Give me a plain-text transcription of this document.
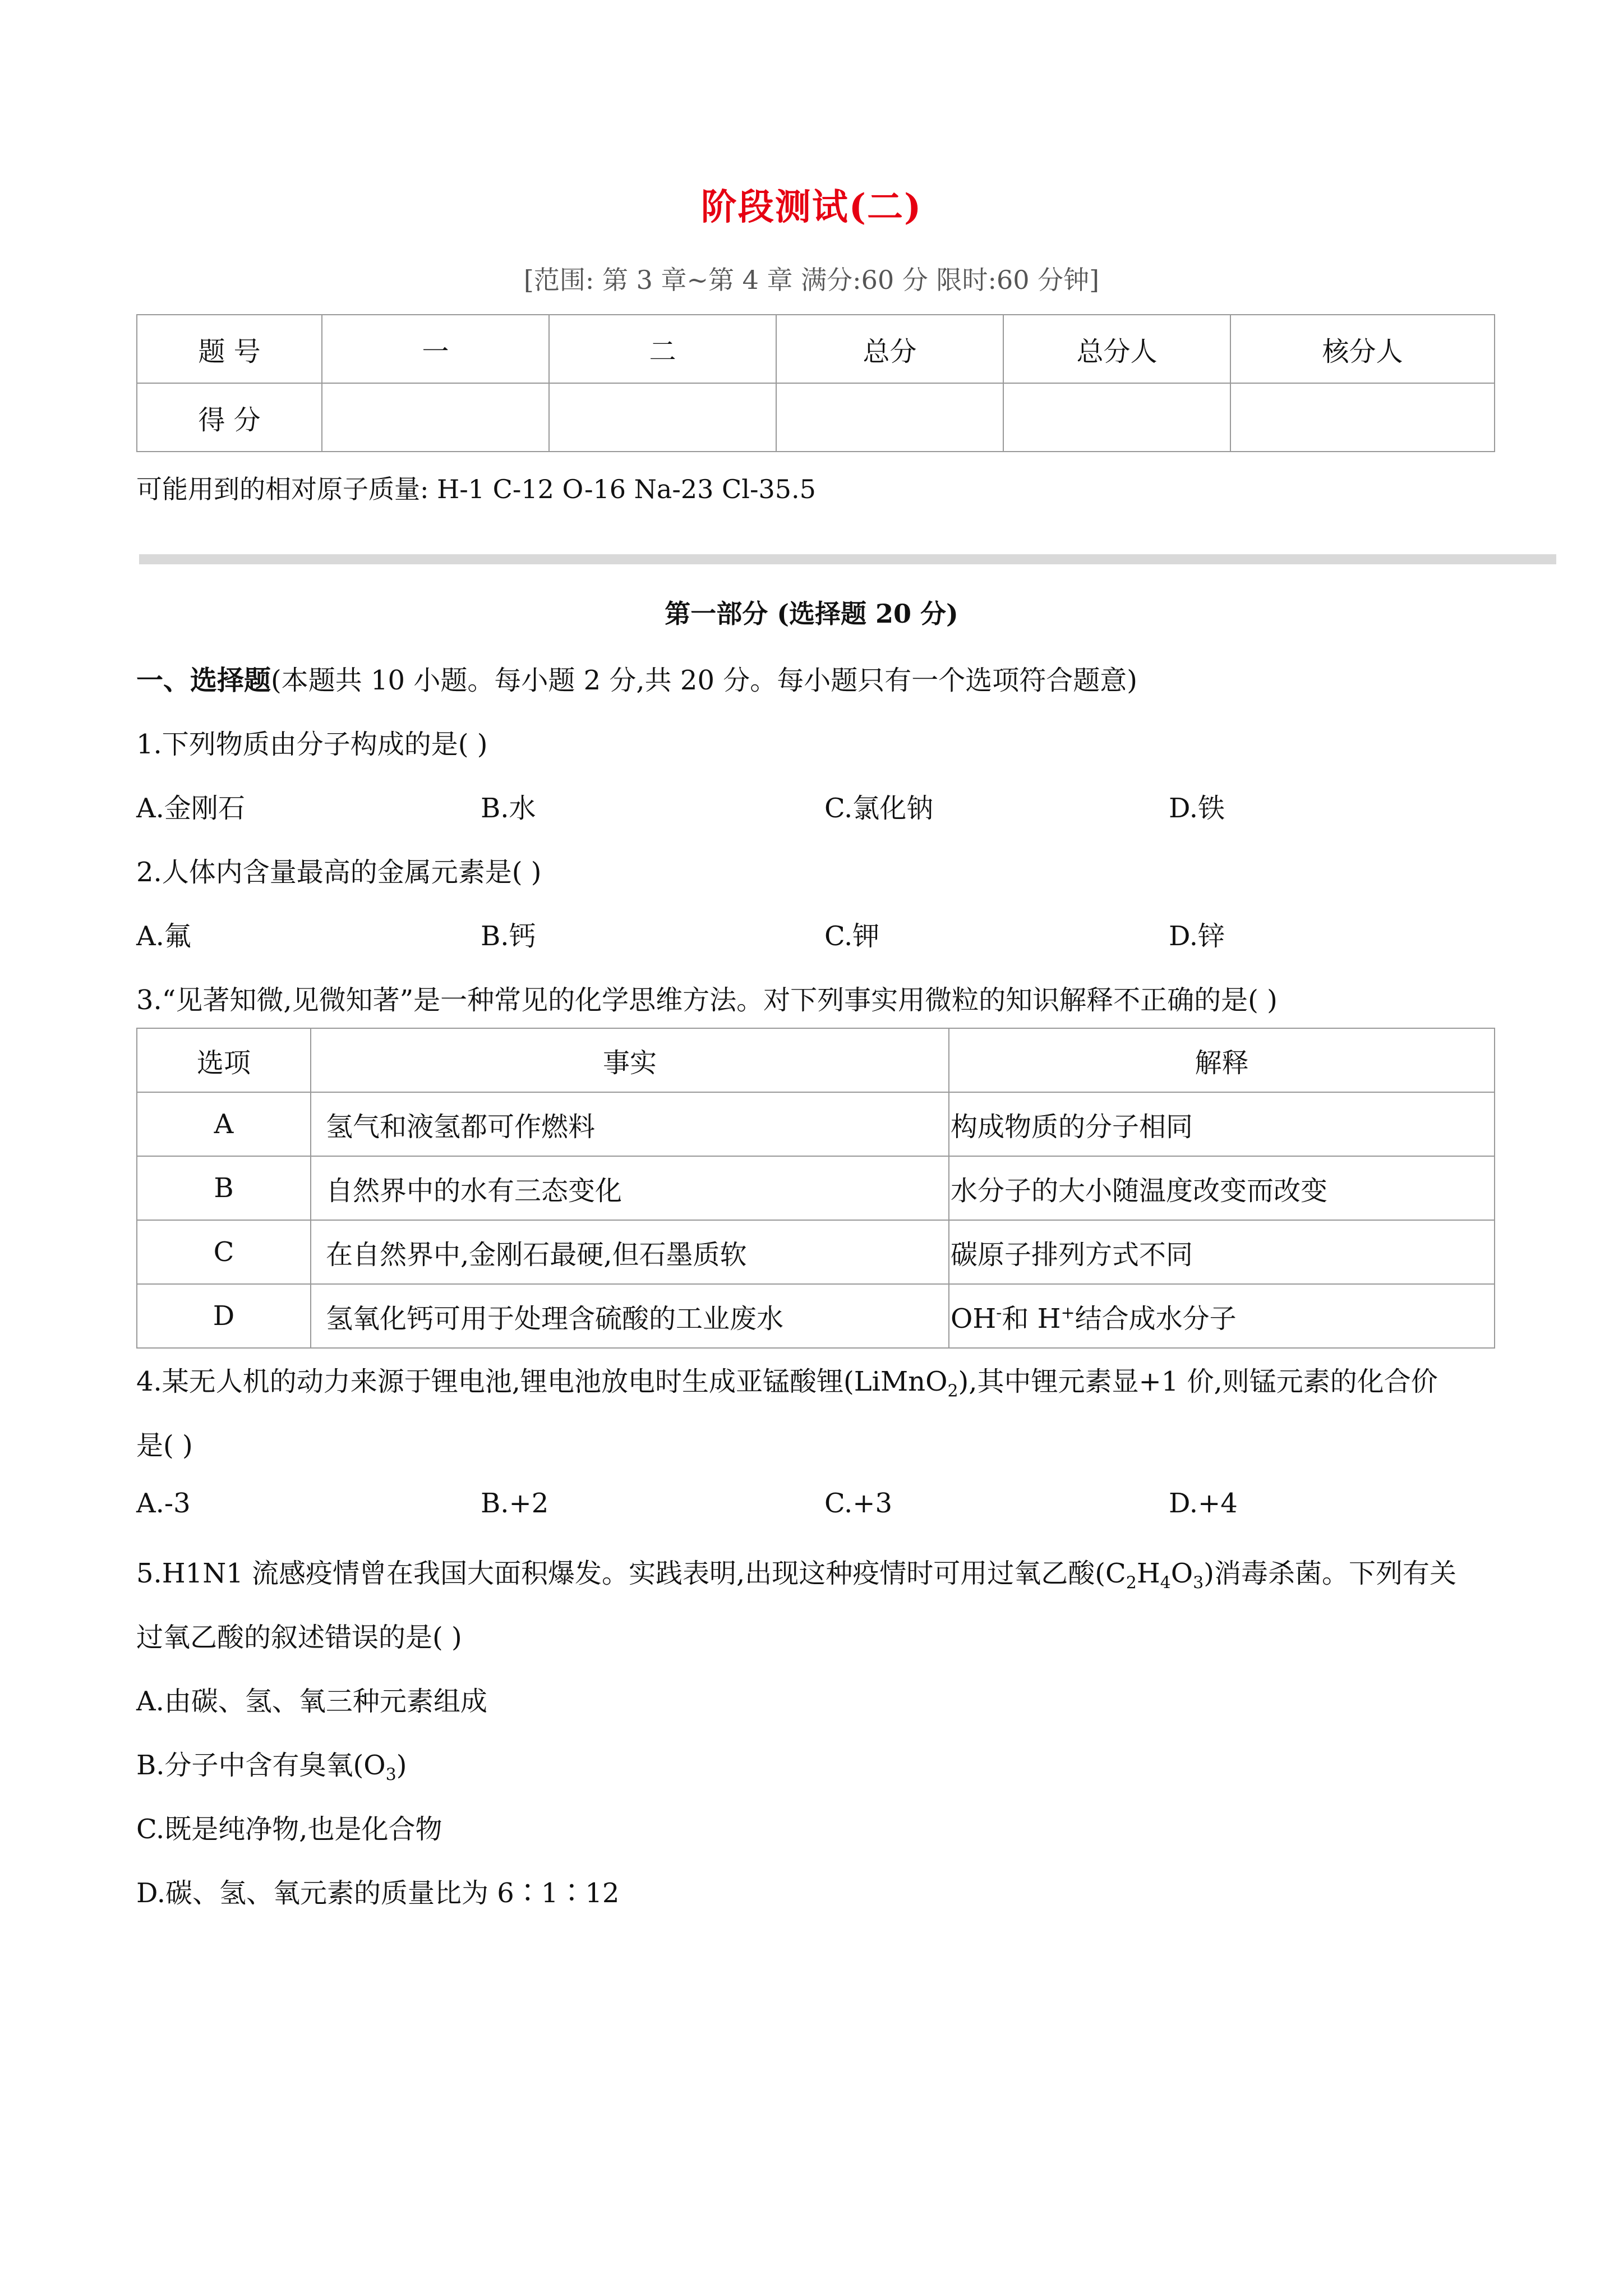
阶段测试(二)
[范围: 第 3 章~第 4 章 满分:60 分 限时:60 分钟]
题 号	一	二	总分	总分人	核分人
得 分					
可能用到的相对原子质量: H-1 C-12 O-16 Na-23 Cl-35.5
第一部分 (选择题 20 分)
一、选择题(本题共 10 小题。每小题 2 分,共 20 分。每小题只有一个选项符合题意)
1.下列物质由分子构成的是( )
A.金刚石	B.水	C.氯化钠	D.铁
2.人体内含量最高的金属元素是( )
A.氟	B.钙	C.钾	D.锌
3.“见著知微,见微知著”是一种常见的化学思维方法。对下列事实用微粒的知识解释不正确的是( )
选项	事实	解释
A	氢气和液氢都可作燃料	构成物质的分子相同
B	自然界中的水有三态变化	水分子的大小随温度改变而改变
C	在自然界中,金刚石最硬,但石墨质软	碳原子排列方式不同
D	氢氧化钙可用于处理含硫酸的工业废水	OH-和 H+结合成水分子
4.某无人机的动力来源于锂电池,锂电池放电时生成亚锰酸锂(LiMnO$_2$),其中锂元素显+1 价,则锰元素的化合价
是( )
A.-3	B.+2	C.+3	D.+4
5.H1N1 流感疫情曾在我国大面积爆发。实践表明,出现这种疫情时可用过氧乙酸$(C_2H_4O_3)$消毒杀菌。下列有关
过氧乙酸的叙述错误的是( )
A.由碳、氢、氧三种元素组成
B.分子中含有臭氧$(O_3)$
C.既是纯净物,也是化合物
D.碳、氢、氧元素的质量比为 6∶1∶12
